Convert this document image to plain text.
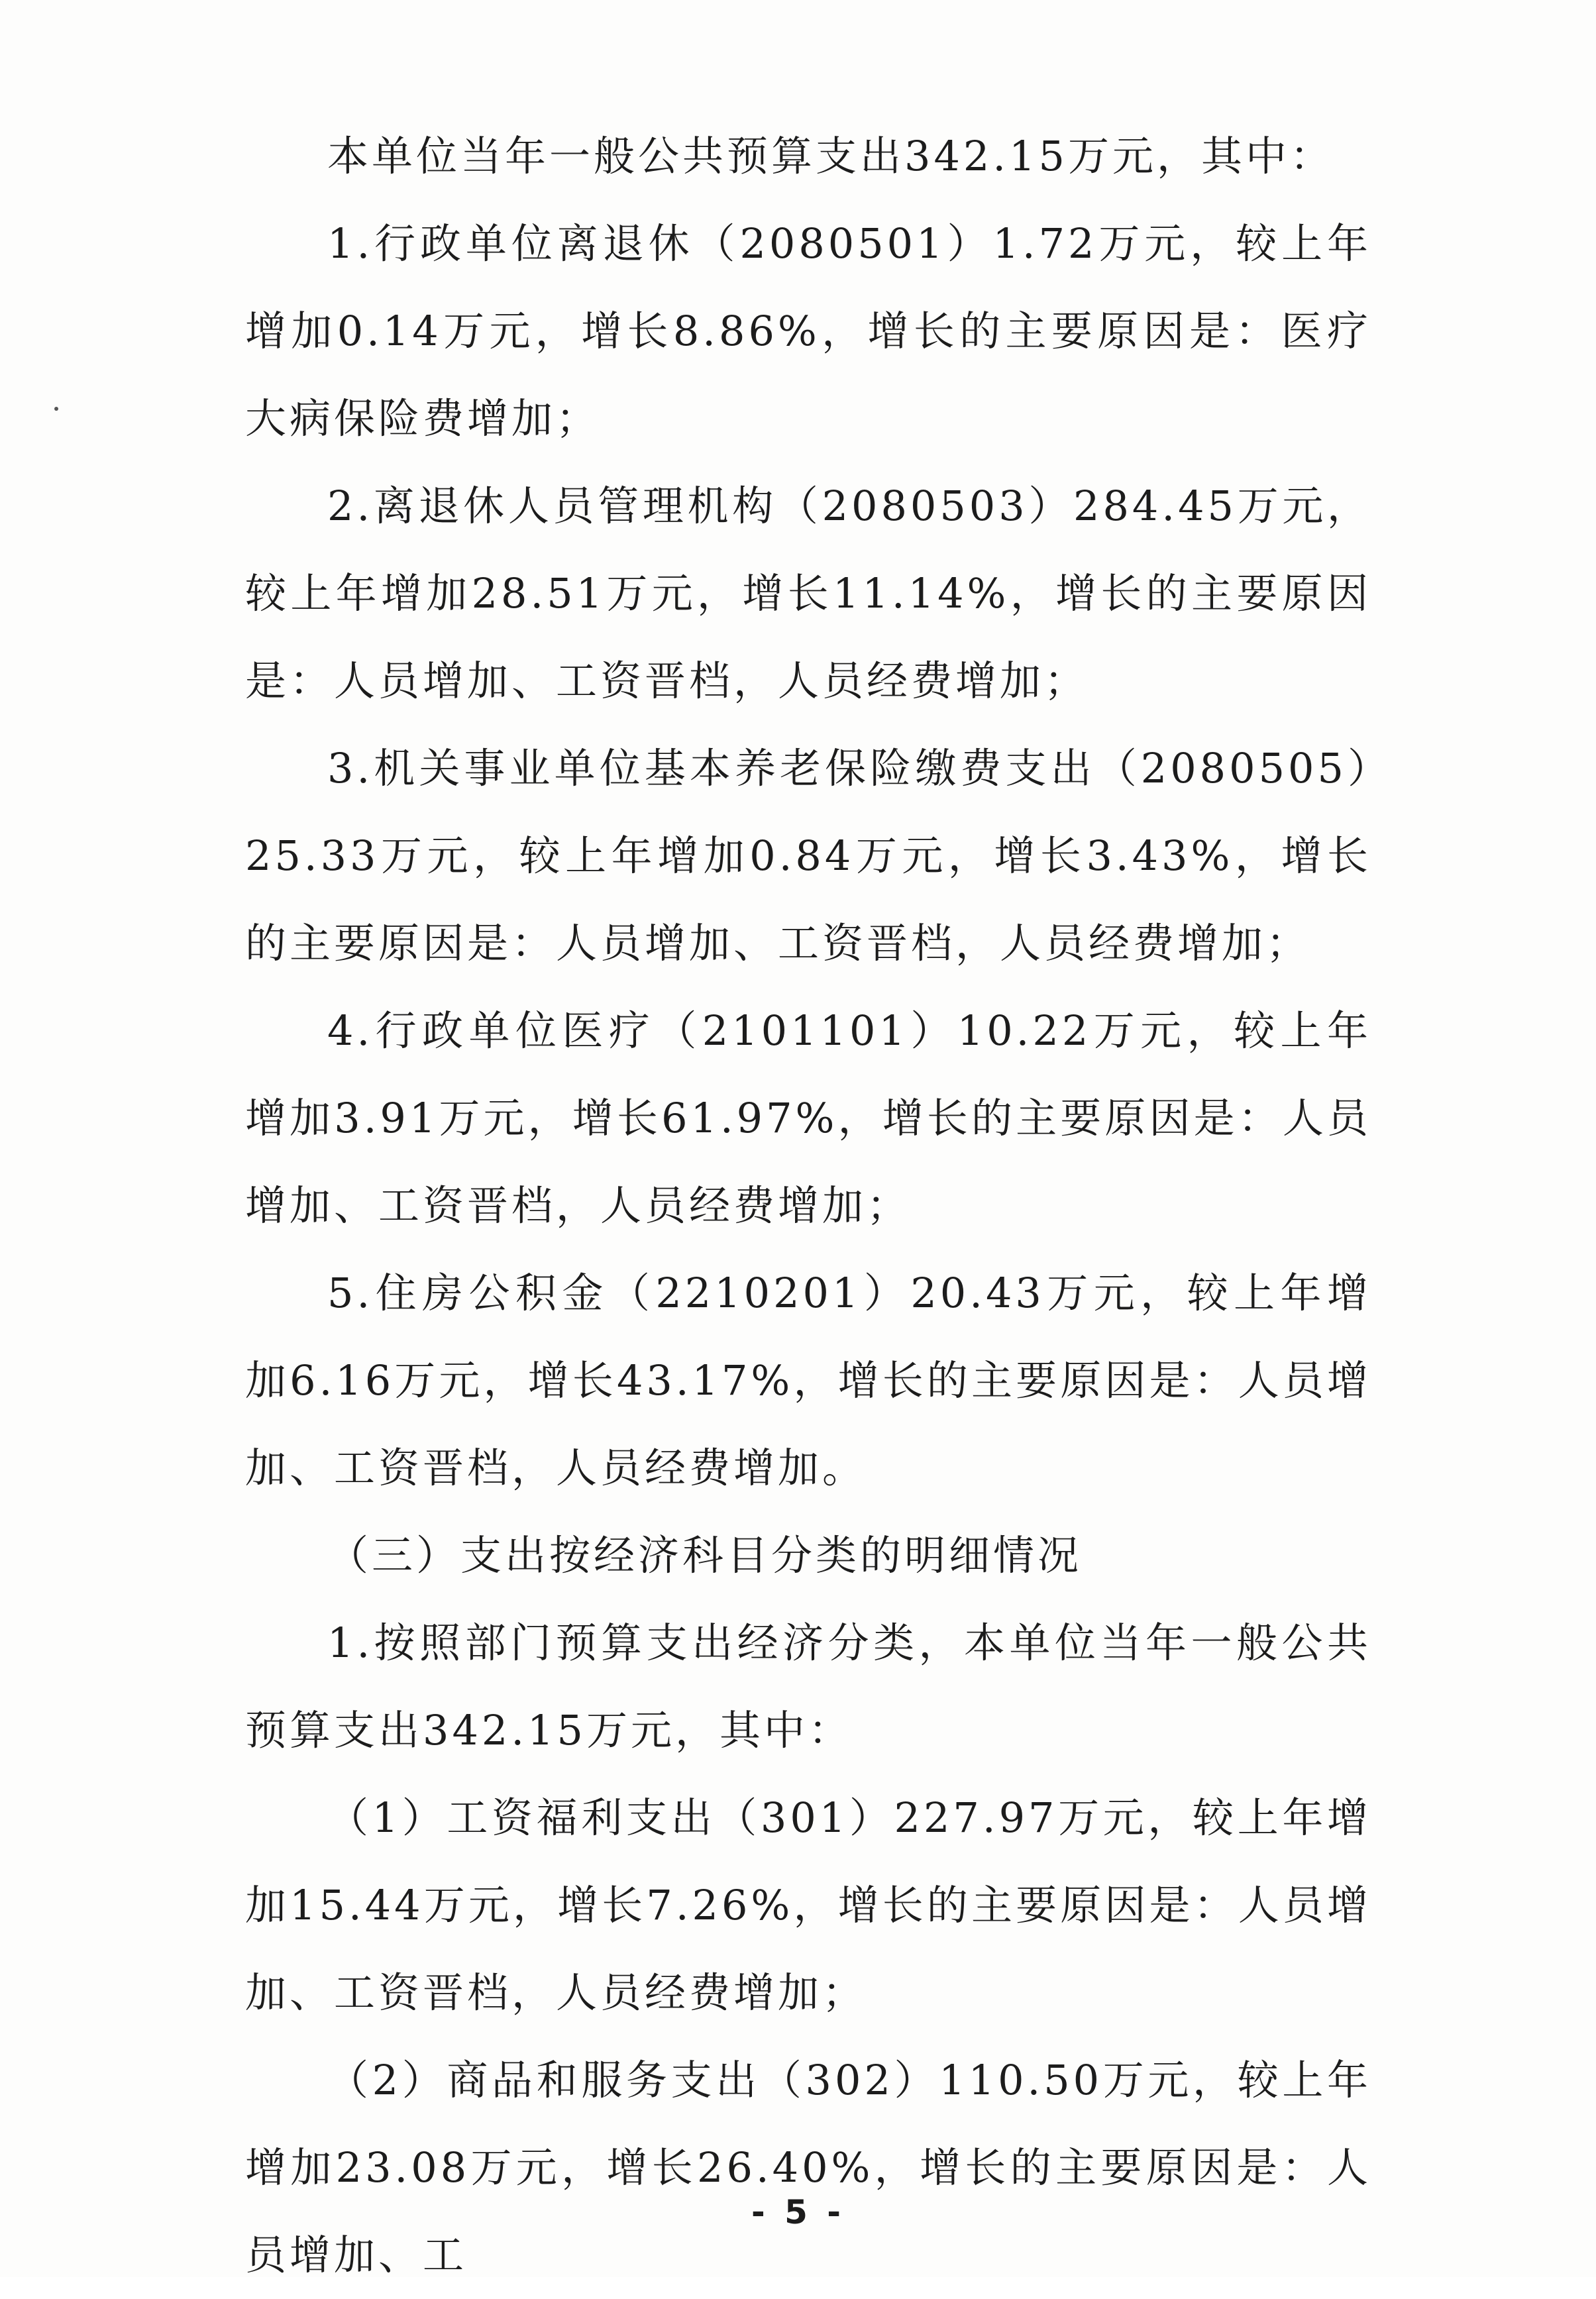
本单位当年一般公共预算支出342.15万元，其中：

1.行政单位离退休（2080501）1.72万元，较上年增加0.14万元，增长8.86%，增长的主要原因是：医疗大病保险费增加；

2.离退休人员管理机构（2080503）284.45万元，较上年增加28.51万元，增长11.14%，增长的主要原因是：人员增加、工资晋档，人员经费增加；

3.机关事业单位基本养老保险缴费支出（2080505）25.33万元，较上年增加0.84万元，增长3.43%，增长的主要原因是：人员增加、工资晋档，人员经费增加；

4.行政单位医疗（2101101）10.22万元，较上年增加3.91万元，增长61.97%，增长的主要原因是：人员增加、工资晋档，人员经费增加；

5.住房公积金（2210201）20.43万元，较上年增加6.16万元，增长43.17%，增长的主要原因是：人员增加、工资晋档，人员经费增加。

（三）支出按经济科目分类的明细情况

1.按照部门预算支出经济分类，本单位当年一般公共预算支出342.15万元，其中：

（1）工资福利支出（301）227.97万元，较上年增加15.44万元，增长7.26%，增长的主要原因是：人员增加、工资晋档，人员经费增加；

（2）商品和服务支出（302）110.50万元，较上年增加23.08万元，增长26.40%，增长的主要原因是：人员增加、工

- 5 -
